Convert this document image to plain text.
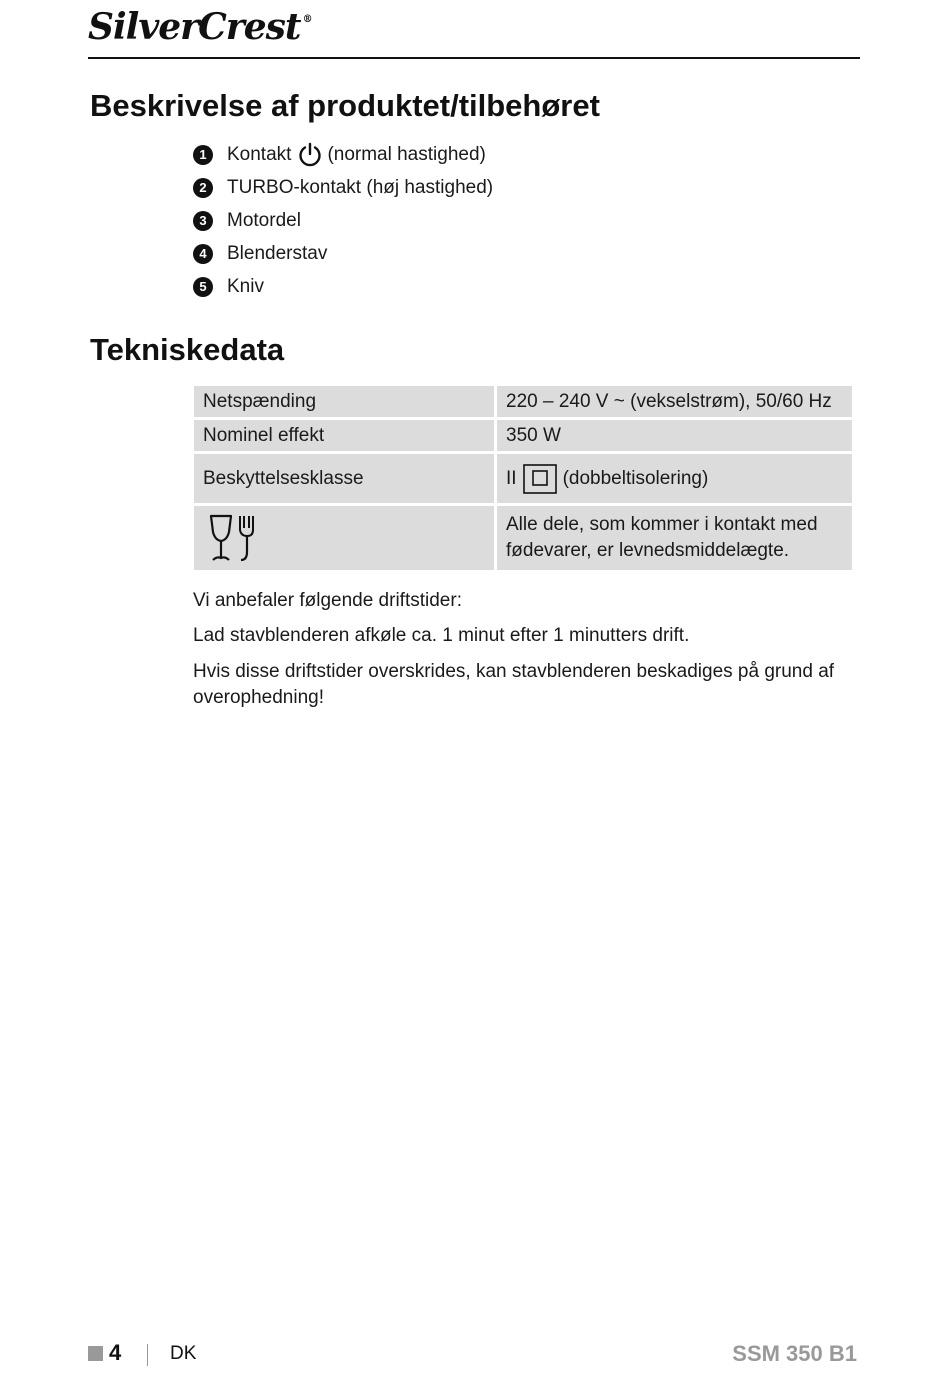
SilverCrest ®
Beskrivelse af produktet/tilbehøret
1	Kontakt (normal hastighed)
2	TURBO-kontakt (høj hastighed)
3	Motordel
4	Blenderstav
5	Kniv
Tekniskedata
Netspænding	220 – 240 V ~ (vekselstrøm), 50/60 Hz
Nominel effekt	350 W
Beskyttelsesklasse	II (dobbeltisolering)

Alle dele, som kommer i kontakt med
fødevarer, er levnedsmiddelægte.
Vi anbefaler følgende driftstider:
Lad stavblenderen afkøle ca. 1 minut efter 1 minutters drift.
Hvis disse driftstider overskrides, kan stavblenderen beskadiges på grund af overophedning!
4	DK	SSM 350 B1
